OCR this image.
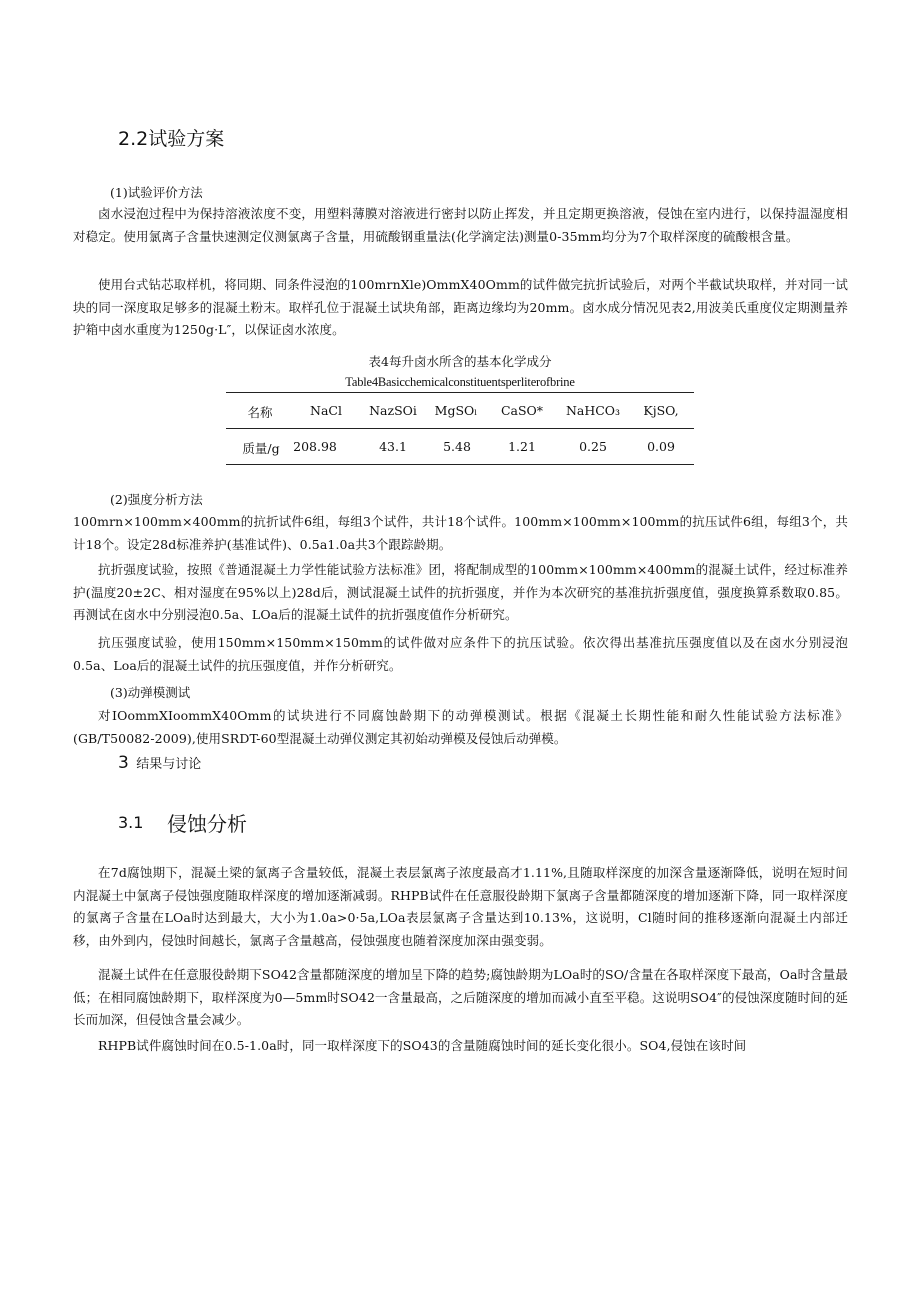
2.2试验方案
(1)试验评价方法
卤水浸泡过程中为保持溶液浓度不变，用塑料薄膜对溶液进行密封以防止挥发，并且定期更换溶液，侵蚀在室内进行，以保持温湿度相对稳定。使用氯离子含量快速测定仪测氯离子含量，用硫酸钢重量法(化学滴定法)测量0-35mm均分为7个取样深度的硫酸根含量。
使用台式钻芯取样机，将同期、同条件浸泡的100mrnXle)OmmX40Omm的试件做完抗折试验后，对两个半截试块取样，并对同一试块的同一深度取足够多的混凝土粉末。取样孔位于混凝土试块角部，距离边缘均为20mm。卤水成分情况见表2,用波美氏重度仪定期测量养护箱中卤水重度为1250g·L″，以保证卤水浓度。
表4每升卤水所含的基本化学成分
Table4Basicchemicalconstituentsperliterofbrine
名称	NaCl	NazSOi	MgSOₗ	CaSO*	NaHCO₃	KjSO,
质量/g	208.98	43.1	5.48	1.21	0.25	0.09
(2)强度分析方法
100mrn×100mm×400mm的抗折试件6组，每组3个试件，共计18个试件。100mm×100mm×100mm的抗压试件6组，每组3个，共计18个。设定28d标准养护(基准试件)、0.5a1.0a共3个跟踪龄期。
抗折强度试验，按照《普通混凝土力学性能试验方法标准》团，将配制成型的100mm×100mm×400mm的混凝土试件，经过标准养护(温度20±2C、相对湿度在95%以上)28d后，测试混凝土试件的抗折强度，并作为本次研究的基准抗折强度值，强度换算系数取0.85。再测试在卤水中分别浸泡0.5a、LOa后的混凝土试件的抗折强度值作分析研究。
抗压强度试验，使用150mm×150mm×150mm的试件做对应条件下的抗压试验。依次得出基准抗压强度值以及在卤水分别浸泡0.5a、Loa后的混凝土试件的抗压强度值，并作分析研究。
(3)动弹模测试
对IOommXIoommX40Omm的试块进行不同腐蚀龄期下的动弹模测试。根据《混凝土长期性能和耐久性能试验方法标准》(GB/T50082-2009),使用SRDT-60型混凝土动弹仪测定其初始动弹模及侵蚀后动弹模。
3 结果与讨论
3.1 侵蚀分析
在7d腐蚀期下，混凝土梁的氯离子含量较低，混凝土表层氯离子浓度最高才1.11%,且随取样深度的加深含量逐渐降低，说明在短时间内混凝土中氯离子侵蚀强度随取样深度的增加逐渐减弱。RHPB试件在任意服役龄期下氯离子含量都随深度的增加逐渐下降，同一取样深度的氯离子含量在LOa时达到最大，大小为1.0a>0·5a,LOa表层氯离子含量达到10.13%，这说明，Cl随时间的推移逐渐向混凝土内部迁移，由外到内，侵蚀时间越长，氯离子含量越高，侵蚀强度也随着深度加深由强变弱。
混凝土试件在任意服役龄期下SO42含量都随深度的增加呈下降的趋势;腐蚀龄期为LOa时的SO/含量在各取样深度下最高，Oa时含量最低；在相同腐蚀龄期下，取样深度为0—5mm时SO42一含量最高，之后随深度的增加而减小直至平稳。这说明SO4″的侵蚀深度随时间的延长而加深，但侵蚀含量会减少。
RHPB试件腐蚀时间在0.5-1.0a时，同一取样深度下的SO43的含量随腐蚀时间的延长变化很小。SO4,侵蚀在该时间
